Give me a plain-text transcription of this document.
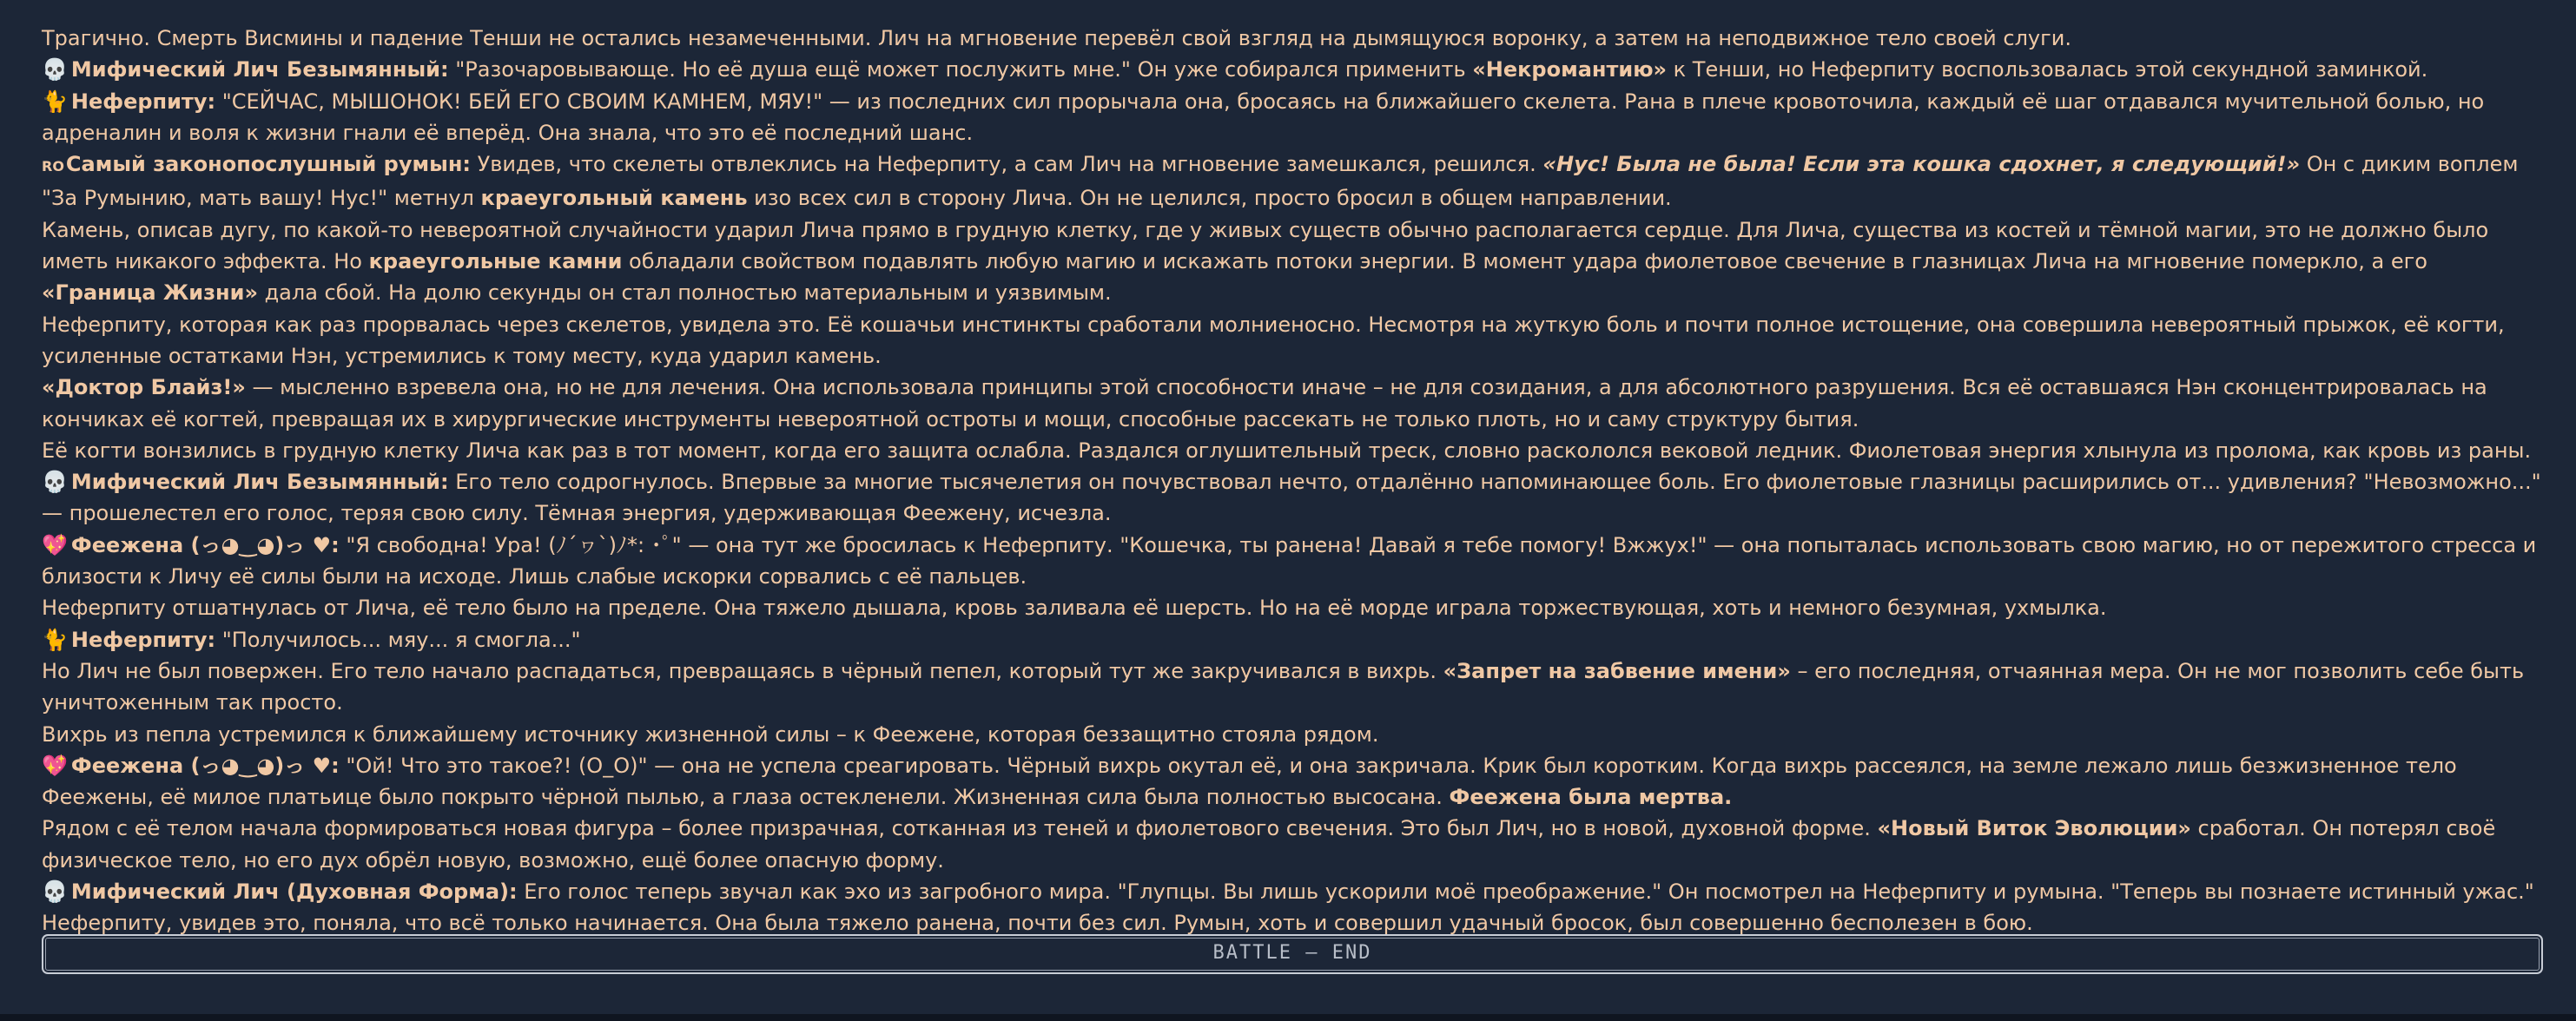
Трагично. Смерть Висмины и падение Тенши не остались незамеченными. Лич на мгновение перевёл свой взгляд на дымящуюся воронку, а затем на неподвижное тело своей слуги.
💀 Мифический Лич Безымянный: "Разочаровывающе. Но её душа ещё может послужить мне." Он уже собирался применить «Некромантию» к Тенши, но Неферпиту воспользовалась этой секундной заминкой.
🐈 Неферпиту: "СЕЙЧАС, МЫШОНОК! БЕЙ ЕГО СВОИМ КАМНЕМ, МЯУ!" — из последних сил прорычала она, бросаясь на ближайшего скелета. Рана в плече кровоточила, каждый её шаг отдавался мучительной болью, но адреналин и воля к жизни гнали её вперёд. Она знала, что это её последний шанс.
ROСамый законопослушный румын: Увидев, что скелеты отвлеклись на Неферпиту, а сам Лич на мгновение замешкался, решился. «Нус! Была не была! Если эта кошка сдохнет, я следующий!» Он с диким воплем "За Румынию, мать вашу! Нус!" метнул краеугольный камень изо всех сил в сторону Лича. Он не целился, просто бросил в общем направлении.
Камень, описав дугу, по какой-то невероятной случайности ударил Лича прямо в грудную клетку, где у живых существ обычно располагается сердце. Для Лича, существа из костей и тёмной магии, это не должно было иметь никакого эффекта. Но краеугольные камни обладали свойством подавлять любую магию и искажать потоки энергии. В момент удара фиолетовое свечение в глазницах Лича на мгновение померкло, а его «Граница Жизни» дала сбой. На долю секунды он стал полностью материальным и уязвимым.
Неферпиту, которая как раз прорвалась через скелетов, увидела это. Её кошачьи инстинкты сработали молниеносно. Несмотря на жуткую боль и почти полное истощение, она совершила невероятный прыжок, её когти, усиленные остатками Нэн, устремились к тому месту, куда ударил камень.
«Доктор Блайз!» — мысленно взревела она, но не для лечения. Она использовала принципы этой способности иначе – не для созидания, а для абсолютного разрушения. Вся её оставшаяся Нэн сконцентрировалась на кончиках её когтей, превращая их в хирургические инструменты невероятной остроты и мощи, способные рассекать не только плоть, но и саму структуру бытия.
Её когти вонзились в грудную клетку Лича как раз в тот момент, когда его защита ослабла. Раздался оглушительный треск, словно раскололся вековой ледник. Фиолетовая энергия хлынула из пролома, как кровь из раны.
💀 Мифический Лич Безымянный: Его тело содрогнулось. Впервые за многие тысячелетия он почувствовал нечто, отдалённо напоминающее боль. Его фиолетовые глазницы расширились от... удивления? "Невозможно..." — прошелестел его голос, теряя свою силу. Тёмная энергия, удерживающая Феежену, исчезла.
💖 Феежена (っ◕‿◕)っ ♥: "Я свободна! Ура! (ﾉ´ヮ`)ﾉ*: ･ﾟ" — она тут же бросилась к Неферпиту. "Кошечка, ты ранена! Давай я тебе помогу! Вжжух!" — она попыталась использовать свою магию, но от пережитого стресса и близости к Личу её силы были на исходе. Лишь слабые искорки сорвались с её пальцев.
Неферпиту отшатнулась от Лича, её тело было на пределе. Она тяжело дышала, кровь заливала её шерсть. Но на её морде играла торжествующая, хоть и немного безумная, ухмылка.
🐈 Неферпиту: "Получилось... мяу... я смогла..."
Но Лич не был повержен. Его тело начало распадаться, превращаясь в чёрный пепел, который тут же закручивался в вихрь. «Запрет на забвение имени» – его последняя, отчаянная мера. Он не мог позволить себе быть уничтоженным так просто.
Вихрь из пепла устремился к ближайшему источнику жизненной силы – к Феежене, которая беззащитно стояла рядом.
💖 Феежена (っ◕‿◕)っ ♥: "Ой! Что это такое?! (O_O)" — она не успела среагировать. Чёрный вихрь окутал её, и она закричала. Крик был коротким. Когда вихрь рассеялся, на земле лежало лишь безжизненное тело Феежены, её милое платьице было покрыто чёрной пылью, а глаза остекленели. Жизненная сила была полностью высосана. Феежена была мертва.
Рядом с её телом начала формироваться новая фигура – более призрачная, сотканная из теней и фиолетового свечения. Это был Лич, но в новой, духовной форме. «Новый Виток Эволюции» сработал. Он потерял своё физическое тело, но его дух обрёл новую, возможно, ещё более опасную форму.
💀 Мифический Лич (Духовная Форма): Его голос теперь звучал как эхо из загробного мира. "Глупцы. Вы лишь ускорили моё преображение." Он посмотрел на Неферпиту и румына. "Теперь вы познаете истинный ужас."
Неферпиту, увидев это, поняла, что всё только начинается. Она была тяжело ранена, почти без сил. Румын, хоть и совершил удачный бросок, был совершенно бесполезен в бою.
BATTLE – END
